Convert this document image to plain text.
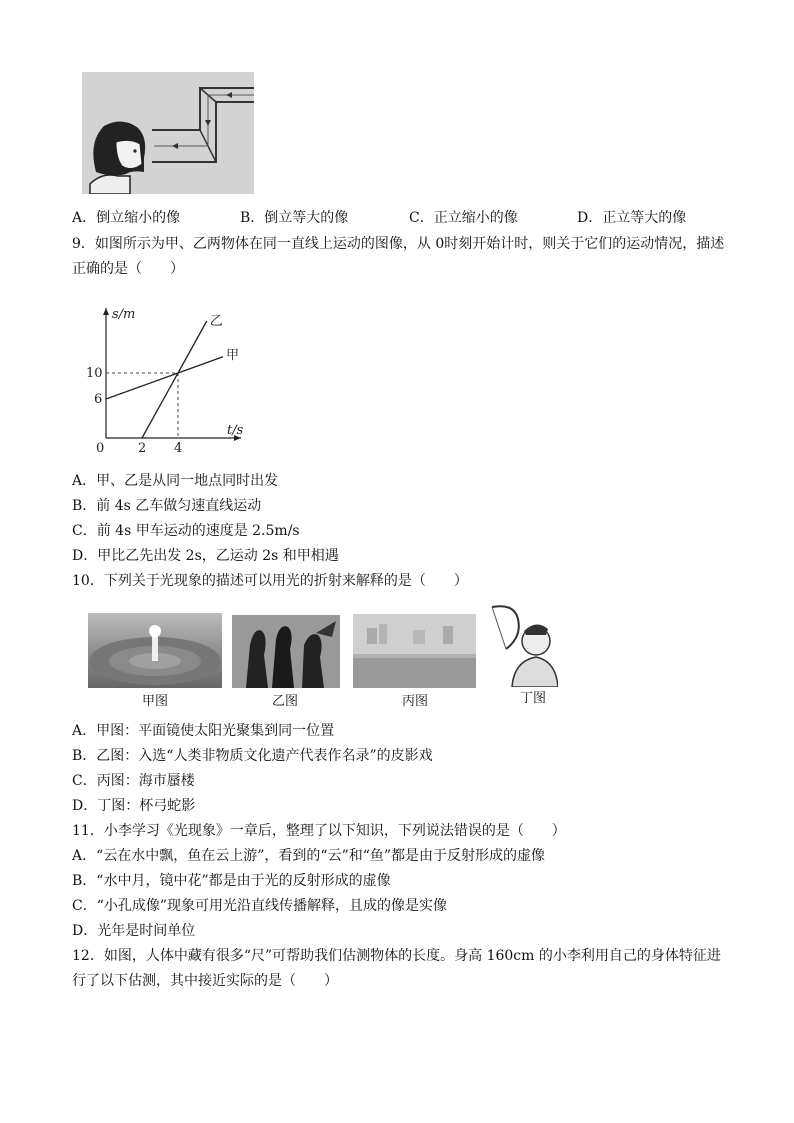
A．倒立缩小的像	B．倒立等大的像	C．正立缩小的像	D．正立等大的像
9．如图所示为甲、乙两物体在同一直线上运动的图像，从 0时刻开始计时，则关于它们的运动情况，描述
正确的是（　　）
s/m
t/s
0	2 4
6
10
甲
乙
A．甲、乙是从同一地点同时出发
B．前 4s 乙车做匀速直线运动
C．前 4s 甲车运动的速度是 2.5m/s
D．甲比乙先出发 2s，乙运动 2s 和甲相遇
10．下列关于光现象的描述可以用光的折射来解释的是（　　）
甲图	乙图	丙图	丁图
A．甲图：平面镜使太阳光聚集到同一位置
B．乙图：入选“人类非物质文化遗产代表作名录”的皮影戏
C．丙图：海市蜃楼
D．丁图：杯弓蛇影
11．小李学习《光现象》一章后，整理了以下知识，下列说法错误的是（　　）
A．“云在水中飘，鱼在云上游”，看到的“云”和“鱼”都是由于反射形成的虚像
B．“水中月，镜中花”都是由于光的反射形成的虚像
C．“小孔成像”现象可用光沿直线传播解释，且成的像是实像
D．光年是时间单位
12．如图，人体中藏有很多“尺”可帮助我们估测物体的长度。身高 160cm 的小李利用自己的身体特征进
行了以下估测，其中接近实际的是（　　）
